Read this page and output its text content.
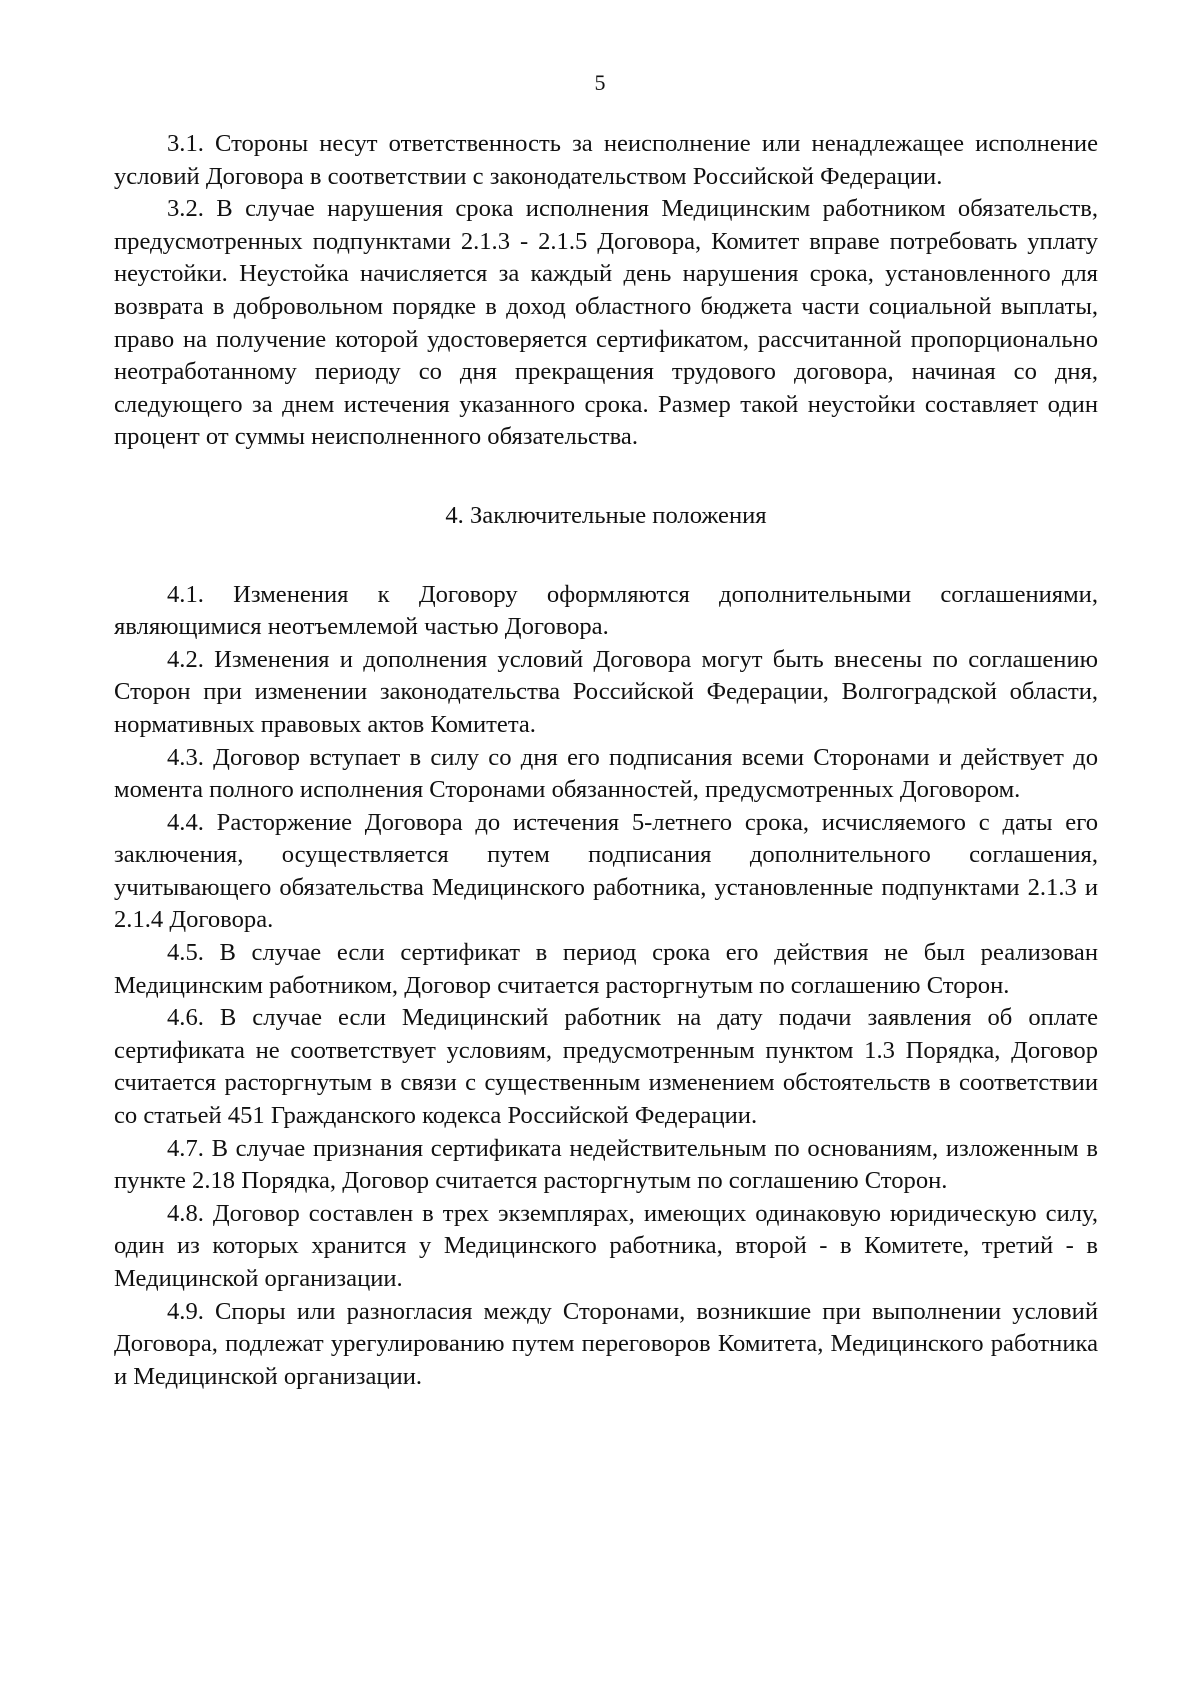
5

3.1. Стороны несут ответственность за неисполнение или ненадлежащее исполнение условий Договора в соответствии с законодательством Российской Федерации.

3.2. В случае нарушения срока исполнения Медицинским работником обязательств, предусмотренных подпунктами 2.1.3 - 2.1.5 Договора, Комитет вправе потребовать уплату неустойки. Неустойка начисляется за каждый день нарушения срока, установленного для возврата в добровольном порядке в доход областного бюджета части социальной выплаты, право на получение которой удостоверяется сертификатом, рассчитанной пропорционально неотработанному периоду со дня прекращения трудового договора, начиная со дня, следующего за днем истечения указанного срока. Размер такой неустойки составляет один процент от суммы неисполненного обязательства.

4. Заключительные положения

4.1. Изменения к Договору оформляются дополнительными соглашениями, являющимися неотъемлемой частью Договора.

4.2. Изменения и дополнения условий Договора могут быть внесены по соглашению Сторон при изменении законодательства Российской Федерации, Волгоградской области, нормативных правовых актов Комитета.

4.3. Договор вступает в силу со дня его подписания всеми Сторонами и действует до момента полного исполнения Сторонами обязанностей, предусмотренных Договором.

4.4. Расторжение Договора до истечения 5-летнего срока, исчисляемого с даты его заключения, осуществляется путем подписания дополнительного соглашения, учитывающего обязательства Медицинского работника, установленные подпунктами 2.1.3 и 2.1.4 Договора.

4.5. В случае если сертификат в период срока его действия не был реализован Медицинским работником, Договор считается расторгнутым по соглашению Сторон.

4.6. В случае если Медицинский работник на дату подачи заявления об оплате сертификата не соответствует условиям, предусмотренным пунктом 1.3 Порядка, Договор считается расторгнутым в связи с существенным изменением обстоятельств в соответствии со статьей 451 Гражданского кодекса Российской Федерации.

4.7. В случае признания сертификата недействительным по основаниям, изложенным в пункте 2.18 Порядка, Договор считается расторгнутым по соглашению Сторон.

4.8. Договор составлен в трех экземплярах, имеющих одинаковую юридическую силу, один из которых хранится у Медицинского работника, второй - в Комитете, третий - в Медицинской организации.

4.9. Споры или разногласия между Сторонами, возникшие при выполнении условий Договора, подлежат урегулированию путем переговоров Комитета, Медицинского работника и Медицинской организации.
